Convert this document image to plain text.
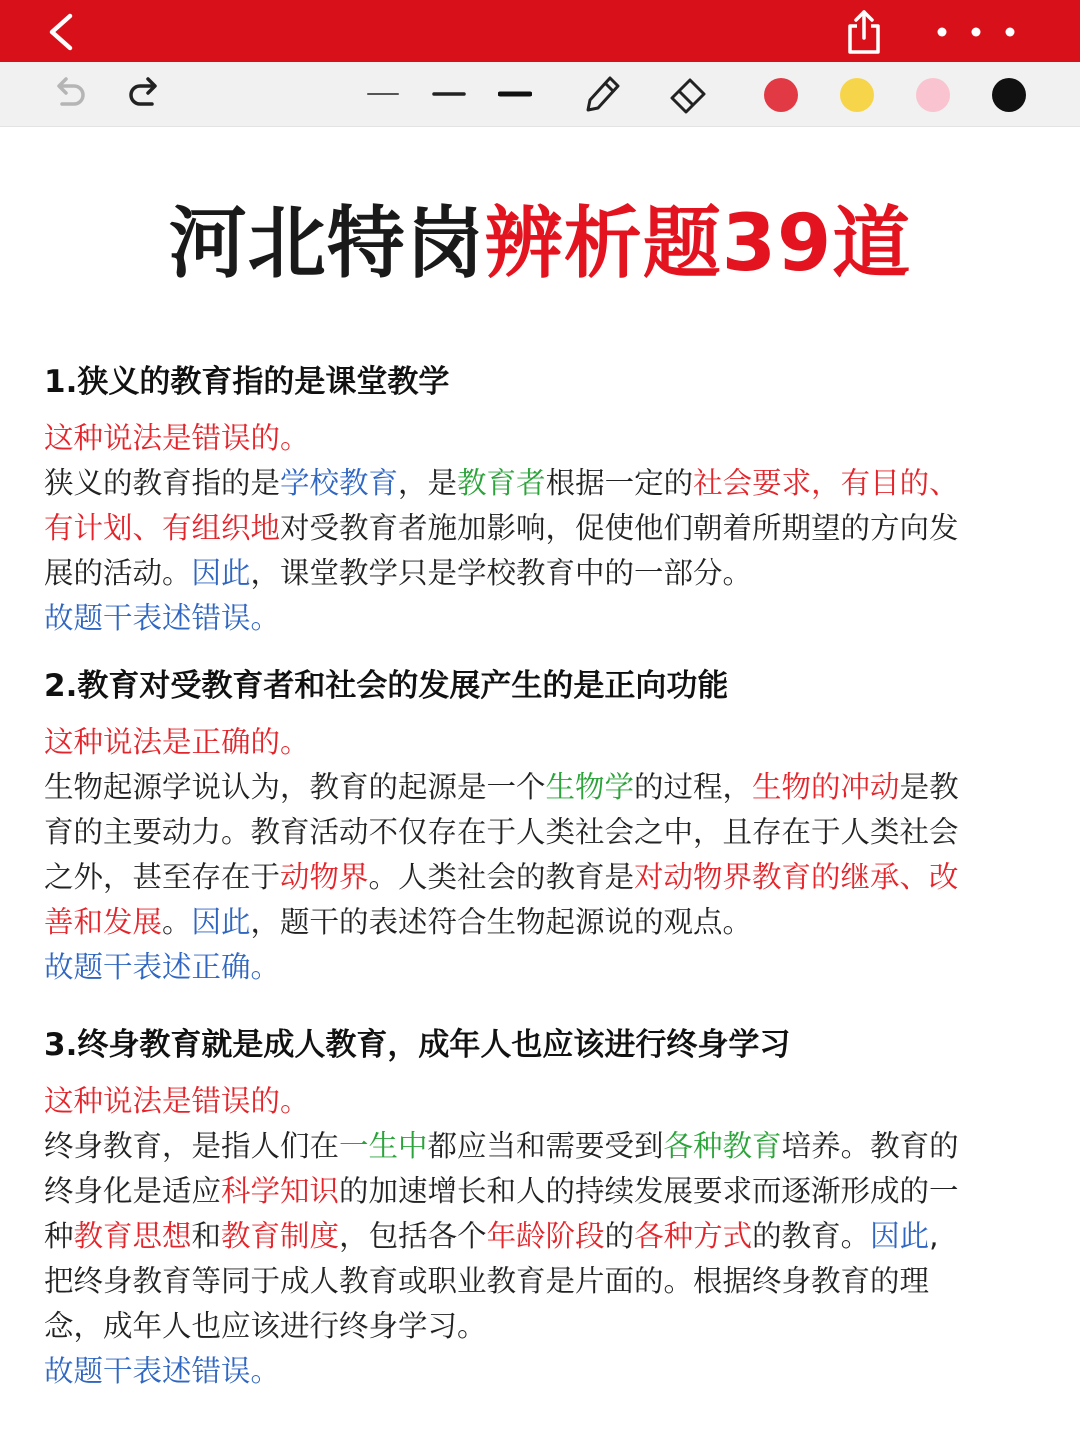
河北特岗辨析题39道
1.狭义的教育指的是课堂教学
这种说法是错误的。
狭义的教育指的是学校教育，是教育者根据一定的社会要求，有目的、
有计划、有组织地对受教育者施加影响，促使他们朝着所期望的方向发
展的活动。因此，课堂教学只是学校教育中的一部分。
故题干表述错误。
2.教育对受教育者和社会的发展产生的是正向功能
这种说法是正确的。
生物起源学说认为，教育的起源是一个生物学的过程，生物的冲动是教
育的主要动力。教育活动不仅存在于人类社会之中，且存在于人类社会
之外，甚至存在于动物界。人类社会的教育是对动物界教育的继承、改
善和发展。因此，题干的表述符合生物起源说的观点。
故题干表述正确。
3.终身教育就是成人教育，成年人也应该进行终身学习
这种说法是错误的。
终身教育，是指人们在一生中都应当和需要受到各种教育培养。教育的
终身化是适应科学知识的加速增长和人的持续发展要求而逐渐形成的一
种教育思想和教育制度，包括各个年龄阶段的各种方式的教育。因此,
把终身教育等同于成人教育或职业教育是片面的。根据终身教育的理
念，成年人也应该进行终身学习。
故题干表述错误。
